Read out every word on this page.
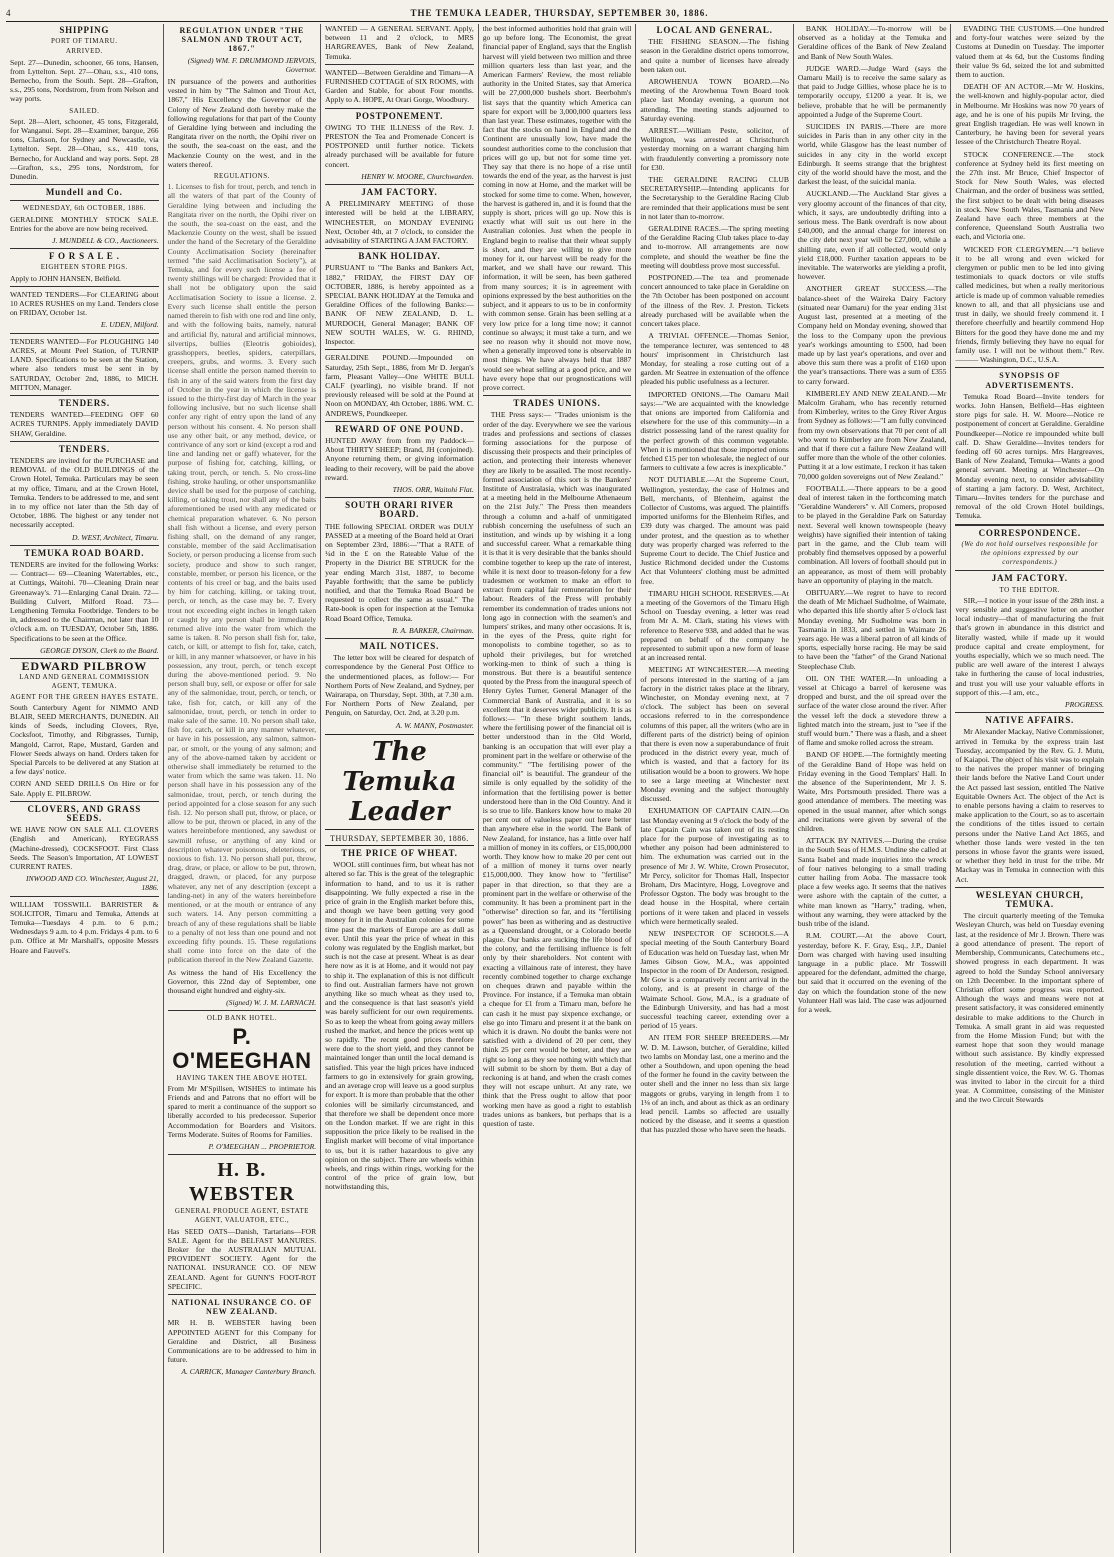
4	THE TEMUKA LEADER, THURSDAY, SEPTEMBER 30, 1886.
SHIPPING
PORT OF TIMARU.
ARRIVED.

Sept. 27—Dunedin, schooner, 66 tons, Hansen, from Lyttelton. Sept. 27—Ohau, s.s., 410 tons, Bernecho, from the South. Sept. 28—Grafton, s.s., 295 tons, Nordstrom, from from Nelson and way ports.

SAILED.

Sept. 28—Alert, schooner, 45 tons, Fitzgerald, for Wanganui. Sept. 28—Examiner, barque, 266 tons, Clarkson, for Sydney and Newcastle, via Lyttelton. Sept. 28—Ohau, s.s., 410 tons, Bernecho, for Auckland and way ports. Sept. 28—Grafton, s.s., 295 tons, Nordstrom, for Dunedin.

Mundell and Co.
WEDNESDAY, 6th OCTOBER, 1886.

GERALDINE MONTHLY STOCK SALE. Entries for the above are now being received.

J. MUNDELL & CO., Auctioneers.
F O R S A L E .
EIGHTEEN STORE PIGS.

Apply to JOHN HANSEN, Belfield.

WANTED TENDERS—For CLEARING about 10 ACRES RUSHES on my Land. Tenders close on FRIDAY, October 1st.

E. UDEN, Milford.

TENDERS WANTED—For PLOUGHING 140 ACRES, at Mount Peel Station, of TURNIP LAND. Specifications to be seen at the Station, where also tenders must be sent in by SATURDAY, October 2nd, 1886, to MICH. MITTON, Manager.

TENDERS.

TENDERS WANTED—FEEDING OFF 60 ACRES TURNIPS. Apply immediately DAVID SHAW, Geraldine.

TENDERS.

TENDERS are invited for the PURCHASE and REMOVAL of the OLD BUILDINGS of the Crown Hotel, Temuka. Particulars may be seen at my office, Timaru, and at the Crown Hotel, Temuka. Tenders to be addressed to me, and sent in to my office not later than the 5th day of October, 1886. The highest or any tender not necessarily accepted.

D. WEST, Architect, Timaru.
TEMUKA ROAD BOARD.

TENDERS are invited for the following Works:— Contract— 69—Cleaning Watertables, etc., at Cuttings, Waitohi. 70—Cleaning Drain near Greenaway's. 71—Enlarging Canal Drain. 72—Building Culvert, Milford Road. 73—Lengthening Temuka Footbridge. Tenders to be in, addressed to the Chairman, not later than 10 o'clock a.m. on TUESDAY, October 5th, 1886. Specifications to be seen at the Office.

GEORGE DYSON, Clerk to the Board.
EDWARD PILBROW
LAND AND GENERAL COMMISSION AGENT, TEMUKA.
AGENT FOR THE GREEN HAYES ESTATE.

South Canterbury Agent for NIMMO AND BLAIR, SEED MERCHANTS, DUNEDIN. All kinds of Seeds, including Clovers, Rye, Cocksfoot, Timothy, and Ribgrasses, Turnip, Mangold, Carrot, Rape, Mustard, Garden and Flower Seeds always on hand. Orders taken for Special Parcels to be delivered at any Station at a few days' notice.

CORN AND SEED DRILLS On Hire or for Sale. Apply E. PILBROW.

CLOVERS, AND GRASS SEEDS.

WE HAVE NOW ON SALE ALL CLOVERS (English and American), RYEGRASS (Machine-dressed), COCKSFOOT. First Class Seeds. The Season's Importation, AT LOWEST CURRENT RATES.

INWOOD AND CO. Winchester, August 21, 1886.

WILLIAM TOSSWILL BARRISTER & SOLICITOR, Timaru and Temuka, Attends at Temuka—Tuesdays 4 p.m. to 6 p.m.; Wednesdays 9 a.m. to 4 p.m. Fridays 4 p.m. to 6 p.m. Office at Mr Marshall's, opposite Messrs Hoare and Fauvel's.

REGULATION UNDER "THE SALMON AND TROUT ACT, 1867."
(Signed) WM. F. DRUMMOND JERVOIS, Governor.

IN pursuance of the powers and authorities vested in him by "The Salmon and Trout Act, 1867," His Excellency the Governor of the Colony of New Zealand doth hereby make the following regulations for that part of the County of Geraldine lying between and including the Rangitata river on the north, the Opihi river on the south, the sea-coast on the east, and the Mackenzie County on the west, and in the waters thereof.

REGULATIONS.

1. Licenses to fish for trout, perch, and tench in all the waters of that part of the County of Geraldine lying between and including the Rangitata river on the north, the Opihi river on the south, the sea-coast on the east, and the Mackenzie County on the west, shall be issued under the hand of the Secretary of the Geraldine County Acclimatisation Society (hereinafter termed "the said Acclimatisation Society"), at Temuka, and for every such license a fee of twenty shillings will be charged: Provided that it shall not be obligatory upon the said Acclimatisation Society to issue a license. 2. Every such license shall entitle the person named therein to fish with one rod and line only, and with the following baits, namely, natural and artificial fly, natural and artificial minnows, silvertips, bullies (Eleotris gobioides), grasshoppers, beetles, spiders, caterpillars, creepers, grubs, and worms. 3. Every such license shall entitle the person named therein to fish in any of the said waters from the first day of October in the year in which the license is issued to the thirty-first day of March in the year following inclusive, but no such license shall confer any right of entry upon the land of any person without his consent. 4. No person shall use any other bait, or any method, device, or contrivance of any sort or kind (except a rod and line and landing net or gaff) whatever, for the purpose of fishing for, catching, killing, or taking trout, perch, or tench. 5. No cross-line fishing, stroke hauling, or other unsportsmanlike device shall be used for the purpose of catching, killing, or taking trout, nor shall any of the baits aforementioned be used with any medicated or chemical preparation whatever. 6. No person shall fish without a license, and every person fishing shall, on the demand of any ranger, constable, member of the said Acclimatisation Society, or person producing a license from such society, produce and show to such ranger, constable, member, or person his licence, or the contents of his creel or bag, and the baits used by him for catching, killing, or taking trout, perch, or tench, as the case may be. 7. Every trout not exceeding eight inches in length taken or caught by any person shall be immediately returned alive into the water from which the same is taken. 8. No person shall fish for, take, catch, or kill, or attempt to fish for, take, catch, or kill, in any manner whatsoever, or have in his possession, any trout, perch, or tench except during the above-mentioned period. 9. No person shall buy, sell, or expose or offer for sale any of the salmonidae, trout, perch, or tench, or take, fish for, catch, or kill any of the salmonidae, trout, perch, or tench in order to make sale of the same. 10. No person shall take, fish for, catch, or kill in any manner whatever, or have in his possession, any salmon, salmon-par, or smolt, or the young of any salmon; and any of the above-named taken by accident or otherwise shall immediately be returned to the water from which the same was taken. 11. No person shall have in his possession any of the salmonidae, trout, perch, or tench during the period appointed for a close season for any such fish. 12. No person shall put, throw, or place, or allow to be put, thrown or placed, in any of the waters hereinbefore mentioned, any sawdust or sawmill refuse, or anything of any kind or description whatever poisonous, deleterious, or noxious to fish. 13. No person shall put, throw, drag, draw, or place, or allow to be put, thrown, dragged, drawn, or placed, for any purpose whatever, any net of any description (except a landing-net) in any of the waters hereinbefore mentioned, or at the mouth or entrance of any such waters. 14. Any person committing a breach of any of these regulations shall be liable to a penalty of not less than one pound and not exceeding fifty pounds. 15. These regulations shall come into force on the date of the publication thereof in the New Zealand Gazette.

As witness the hand of His Excellency the Governor, this 22nd day of September, one thousand eight hundred and eighty-six.

(Signed) W. J. M. LARNACH.
OLD BANK HOTEL.
P. O'MEEGHAN
HAVING TAKEN THE ABOVE HOTEL

From Mr M'Spillsen, WISHES to intimate his Friends and and Patrons that no effort will be spared to merit a continuance of the support so liberally accorded to his predecessor. Superior Accommodation for Boarders and Visitors. Terms Moderate. Suites of Rooms for Families.

P. O'MEEGHAN ... PROPRIETOR.
H. B. WEBSTER
GENERAL PRODUCE AGENT, ESTATE AGENT, VALUATOR, ETC.,

Has SEED OATS—Danish, Tartarians—FOR SALE. Agent for the BELFAST MANURES. Broker for the AUSTRALIAN MUTUAL PROVIDENT SOCIETY. Agent for the NATIONAL INSURANCE CO. OF NEW ZEALAND. Agent for GUNN'S FOOT-ROT SPECIFIC.

NATIONAL INSURANCE CO. OF NEW ZEALAND.

MR H. B. WEBSTER having been APPOINTED AGENT for this Company for Geraldine and District, all Business Communications are to be addressed to him in future.

A. CARRICK, Manager Canterbury Branch.

WANTED — A GENERAL SERVANT. Apply, between 11 and 2 o'clock, to MRS HARGREAVES, Bank of New Zealand, Temuka.

WANTED—Between Geraldine and Timaru—A FURNISHED COTTAGE of SIX ROOMS, with Garden and Stable, for about Four months. Apply to A. HOPE, At Orari Gorge, Woodbury.

POSTPONEMENT.

OWING TO THE ILLNESS of the Rev. J. PRESTON the Tea and Promenade Concert is POSTPONED until further notice. Tickets already purchased will be available for future concert.

HENRY W. MOORE, Churchwarden.
JAM FACTORY.

A PRELIMINARY MEETING of those interested will be held at the LIBRARY, WINCHESTER, on MONDAY EVENING Next, October 4th, at 7 o'clock, to consider the advisability of STARTING A JAM FACTORY.

BANK HOLIDAY.

PURSUANT to "The Banks and Bankers Act, 1882," FRIDAY, the FIRST DAY OF OCTOBER, 1886, is hereby appointed as a SPECIAL BANK HOLIDAY at the Temuka and Geraldine Offices of the following Banks:— BANK OF NEW ZEALAND, D. L. MURDOCH, General Manager; BANK OF NEW SOUTH WALES, W. G. RHIND, Inspector.

GERALDINE POUND.—Impounded on Saturday, 25th Sept., 1886, from Mr D. Jergan's farm, Pleasant Valley—One WHITE BULL CALF (yearling), no visible brand. If not previously released will be sold at the Pound at Noon on MONDAY, 4th October, 1886. WM. C. ANDREWS, Poundkeeper.

REWARD OF ONE POUND.

HUNTED AWAY from from my Paddock—About THIRTY SHEEP; Brand, JH (conjoined). Anyone returning them, or giving information leading to their recovery, will be paid the above reward.

THOS. ORR, Waitohi Flat.
SOUTH ORARI RIVER BOARD.

THE following SPECIAL ORDER was DULY PASSED at a meeting of the Board held at Orari on September 23rd, 1886:—"That a RATE of ¼d in the £ on the Rateable Value of the Property in the District BE STRUCK for the year ending March 31st, 1887, to become Payable forthwith; that the same be publicly notified, and that the Temuka Road Board be requested to collect the same as usual." The Rate-book is open for inspection at the Temuka Road Board Office, Temuka.

R. A. BARKER, Chairman.
MAIL NOTICES.

The letter box will be cleared for despatch of correspondence by the General Post Office to the undermentioned places, as follow:— For Northern Ports of New Zealand, and Sydney, per Wairarapa, on Thursday, Sept. 30th, at 7.30 a.m. For Northern Ports of New Zealand, per Penguin, on Saturday, Oct. 2nd, at 3.20 p.m.

A. W. MANN, Postmaster.
The Temuka Leader
THURSDAY, SEPTEMBER 30, 1886.
THE PRICE OF WHEAT.

WOOL still continues firm, but wheat has not altered so far. This is the great of the telegraphic information to hand, and to us it is rather disappointing. We fully expected a rise in the price of grain in the English market before this, and though we have been getting very good money for it in the Australian colonies for some time past the markets of Europe are as dull as ever. Until this year the price of wheat in this colony was regulated by the English market, but such is not the case at present. Wheat is as dear here now as it is at Home, and it would not pay to ship it. The explanation of this is not difficult to find out. Australian farmers have not grown anything like so much wheat as they used to, and the consequence is that last season's yield was barely sufficient for our own requirements. So as to keep the wheat from going away millers rushed the market, and hence the prices went up so rapidly. The recent good prices therefore were due to the short yield, and they cannot be maintained longer than until the local demand is satisfied. This year the high prices have induced farmers to go in extensively for grain growing, and an average crop will leave us a good surplus for export. It is more than probable that the other colonies will be similarly circumstanced, and that therefore we shall be dependent once more on the London market. If we are right in this supposition the price likely to be realised in the English market will become of vital importance to us, but it is rather hazardous to give any opinion on the subject. There are wheels within wheels, and rings within rings, working for the control of the price of grain low, but notwithstanding this,

the best informed authorities hold that grain will go up before long. The Economist, the great financial paper of England, says that the English harvest will yield between two million and three million quarters less than last year, and the American Farmers' Review, the most reliable authority in the United States, say that America will be 27,000,000 bushels short. Beerbohm's list says that the quantity which America can spare for export will be 3,000,000 quarters less than last year. These estimates, together with the fact that the stocks on hand in England and the Continent are unusually low, have made the soundest authorities come to the conclusion that prices will go up, but not for some time yet. They say that there is no hope of a rise until towards the end of the year, as the harvest is just coming in now at Home, and the market will be stocked for some time to come. When, however, the harvest is gathered in, and it is found that the supply is short, prices will go up. Now this is exactly what will suit us out here in the Australian colonies. Just when the people in England begin to realise that their wheat supply is short, and they are willing to give more money for it, our harvest will be ready for the market, and we shall have our reward. This information, it will be seen, has been gathered from many sources; it is in agreement with opinions expressed by the best authorities on the subject, and it appears to us to be in conformity with common sense. Grain has been selling at a very low price for a long time now; it cannot continue so always; it must take a turn, and we see no reason why it should not move now, when a generally improved tone is observable in most things. We have always held that 1887 would see wheat selling at a good price, and we have every hope that our prognostications will prove correct.

TRADES UNIONS.

THE Press says:— "Trades unionism is the order of the day. Everywhere we see the various trades and professions and sections of classes forming associations for the purpose of discussing their prospects and their principles of action, and protecting their interests whenever they are likely to be assailed. The most recently-formed association of this sort is the Bankers' Institute of Australasia, which was inaugurated at a meeting held in the Melbourne Athenaeum on the 21st July." The Press then meanders through a column and a-half of unmitigated rubbish concerning the usefulness of such an institution, and winds up by wishing it a long and successful career. What a remarkable thing it is that it is very desirable that the banks should combine together to keep up the rate of interest, while it is next door to treason-felony for a few tradesmen or workmen to make an effort to extract from capital fair remuneration for their labour. Readers of the Press will probably remember its condemnation of trades unions not long ago in connection with the seamen's and lumpers' strikes, and many other occasions. It is, in the eyes of the Press, quite right for monopolists to combine together, so as to uphold their privileges, but for wretched working-men to think of such a thing is monstrous. But there is a beautiful sentence quoted by the Press from the inaugural speech of Henry Gyles Turner, General Manager of the Commercial Bank of Australia, and it is so excellent that it deserves wider publicity. It is as follows:— "In these bright southern lands, where the fertilising power of the financial oil is better understood than in the Old World, banking is an occupation that will ever play a prominent part in the welfare or otherwise of the community." "The fertilising power of the financial oil" is beautiful. The grandeur of the simile is only equalled by the solidity of the information that the fertilising power is better understood here than in the Old Country. And it is so true to life. Bankers know how to make 20 per cent out of valueless paper out here better than anywhere else in the world. The Bank of New Zealand, for instance, has a little over half a million of money in its coffers, or £15,000,000 worth. They know how to make 20 per cent out of a million of money it turns over nearly £15,000,000. They know how to "fertilise" paper in that direction, so that they are a prominent part in the welfare or otherwise of the community. It has been a prominent part in the "otherwise" direction so far, and its "fertilising power" has been as withering and as destructive as a Queensland drought, or a Colorado beetle plague. Our banks are sucking the life blood of the colony, and the fertilising influence is felt only by their shareholders. Not content with exacting a villainous rate of interest, they have recently combined together to charge exchange on cheques drawn and payable within the Province. For instance, if a Temuka man obtain a cheque for £1 from a Timaru man, before he can cash it he must pay sixpence exchange, or else go into Timaru and present it at the bank on which it is drawn. No doubt the banks were not satisfied with a dividend of 20 per cent, they think 25 per cent would be better, and they are right so long as they see nothing with which that will submit to be shorn by them. But a day of reckoning is at hand, and when the crash comes they will not escape unhurt. At any rate, we think that the Press ought to allow that poor working men have as good a right to establish trades unions as bankers, but perhaps that is a question of taste.

LOCAL AND GENERAL.

THE FISHING SEASON.—The fishing season in the Geraldine district opens tomorrow, and quite a number of licenses have already been taken out.

AROWHENUA TOWN BOARD.—No meeting of the Arowhenua Town Board took place last Monday evening, a quorum not attending. The meeting stands adjourned to Saturday evening.

ARREST.—William Peste, solicitor, of Wellington, was arrested at Christchurch yesterday morning on a warrant charging him with fraudulently converting a promissory note for £30.

THE GERALDINE RACING CLUB SECRETARYSHIP.—Intending applicants for the Secretaryship to the Geraldine Racing Club are reminded that their applications must be sent in not later than to-morrow.

GERALDINE RACES.—The spring meeting of the Geraldine Racing Club takes place to-day and to-morrow. All arrangements are now complete, and should the weather be fine the meeting will doubtless prove most successful.

POSTPONED.—The tea and promenade concert announced to take place in Geraldine on the 7th October has been postponed on account of the illness of the Rev. J. Preston. Tickets already purchased will be available when the concert takes place.

A TRIVIAL OFFENCE.—Thomas Senior, the temperance lecturer, was sentenced to 48 hours' imprisonment in Christchurch last Monday, for stealing a rose cutting out of a garden. Mr Seatree in extenuation of the offence pleaded his public usefulness as a lecturer.

IMPORTED ONIONS.—The Oamaru Mail says:—"We are acquainted with the knowledge that onions are imported from California and elsewhere for the use of this community—in a district possessing land of the rarest quality for the perfect growth of this common vegetable. When it is mentioned that those imported onions fetched £15 per ton wholesale, the neglect of our farmers to cultivate a few acres is inexplicable."

NOT DUTIABLE.—At the Supreme Court, Wellington, yesterday, the case of Holmes and Bell, merchants, of Blenheim, against the Collector of Customs, was argued. The plaintiffs imported uniforms for the Blenheim Rifles, and £39 duty was charged. The amount was paid under protest, and the question as to whether duty was properly charged was referred to the Supreme Court to decide. The Chief Justice and Justice Richmond decided under the Customs Act that Volunteers' clothing must be admitted free.

TIMARU HIGH SCHOOL RESERVES.—At a meeting of the Governors of the Timaru High School on Tuesday evening, a letter was read from Mr A. M. Clark, stating his views with reference to Reserve 938, and added that he was prepared on behalf of the company he represented to submit upon a new form of lease at an increased rental.

MEETING AT WINCHESTER.—A meeting of persons interested in the starting of a jam factory in the district takes place at the library, Winchester, on Monday evening next, at 7 o'clock. The subject has been on several occasions referred to in the correspondence columns of this paper, all the writers (who are in different parts of the district) being of opinion that there is even now a superabundance of fruit produced in the district every year, much of which is wasted, and that a factory for its utilisation would be a boon to growers. We hope to see a large meeting at Winchester next Monday evening and the subject thoroughly discussed.

EXHUMATION OF CAPTAIN CAIN.—On last Monday evening at 9 o'clock the body of the late Captain Cain was taken out of its resting place for the purpose of investigating as to whether any poison had been administered to him. The exhumation was carried out in the presence of Mr J. W. White, Crown Prosecutor, Mr Percy, solicitor for Thomas Hall, Inspector Broham, Drs Macintyre, Hogg, Lovegrove and Professor Ogston. The body was brought to the dead house in the Hospital, where certain portions of it were taken and placed in vessels which were hermetically sealed.

NEW INSPECTOR OF SCHOOLS.—A special meeting of the South Canterbury Board of Education was held on Tuesday last, when Mr James Gibson Gow, M.A., was appointed Inspector in the room of Dr Anderson, resigned. Mr Gow is a comparatively recent arrival in the colony, and is at present in charge of the Waimate School. Gow, M.A., is a graduate of the Edinburgh University, and has had a most successful teaching career, extending over a period of 15 years.

AN ITEM FOR SHEEP BREEDERS.—Mr W. D. M. Lawson, butcher, of Geraldine, killed two lambs on Monday last, one a merino and the other a Southdown, and upon opening the head of the former he found in the cavity between the outer shell and the inner no less than six large maggots or grubs, varying in length from 1 to 1⅛ of an inch, and about as thick as an ordinary lead pencil. Lambs so affected are usually noticed by the disease, and it seems a question that has puzzled those who have seen the heads.

BANK HOLIDAY.—To-morrow will be observed as a holiday at the Temuka and Geraldine offices of the Bank of New Zealand and Bank of New South Wales.

JUDGE WARD.—Judge Ward (says the Oamaru Mail) is to receive the same salary as that paid to Judge Gillies, whose place he is to temporarily occupy, £1200 a year. It is, we believe, probable that he will be permanently appointed a Judge of the Supreme Court.

SUICIDES IN PARIS.—There are more suicides in Paris than in any other city in the world, while Glasgow has the least number of suicides in any city in the world except Edinburgh. It seems strange that the brightest city of the world should have the most, and the darkest the least, of the suicidal mania.

AUCKLAND.—The Auckland Star gives a very gloomy account of the finances of that city, which, it says, are undoubtedly drifting into a serious mess. The Bank overdraft is now about £40,000, and the annual charge for interest on the city debt next year will be £27,000, while a shilling rate, even if all collected, would only yield £18,000. Further taxation appears to be inevitable. The waterworks are yielding a profit, however.

ANOTHER GREAT SUCCESS.—The balance-sheet of the Waireka Dairy Factory (situated near Oamaru) for the year ending 31st August last, presented at a meeting of the Company held on Monday evening, showed that the loss to the Company upon the previous year's workings amounting to £500, had been made up by last year's operations, and over and above this sum there was a profit of £160 upon the year's transactions. There was a sum of £355 to carry forward.

KIMBERLEY AND NEW ZEALAND.—Mr Malcolm Graham, who has recently returned from Kimberley, writes to the Grey River Argus from Sydney as follows:—"I am fully convinced from my own observations that 70 per cent of all who went to Kimberley are from New Zealand, and that if there cut a failure New Zealand will suffer more than the whole of the other colonies. Putting it at a low estimate, I reckon it has taken 70,000 golden sovereigns out of New Zealand."

FOOTBALL.—There appears to be a good deal of interest taken in the forthcoming match "Geraldine Wanderers" v. All Comers, proposed to be played in the Geraldine Park on Saturday next. Several well known townspeople (heavy weights) have signified their intention of taking part in the game, and the Club team will probably find themselves opposed by a powerful combination. All lovers of football should put in an appearance, as most of them will probably have an opportunity of playing in the match.

OBITUARY.—We regret to have to record the death of Mr Michael Sudholme, of Waimate, who departed this life shortly after 5 o'clock last Monday evening. Mr Sudholme was born in Tasmania in 1833, and settled in Waimate 26 years ago. He was a liberal patron of all kinds of sports, especially horse racing. He may be said to have been the "father" of the Grand National Steeplechase Club.

OIL ON THE WATER.—In unloading a vessel at Chicago a barrel of kerosene was dropped and burst, and the oil spread over the surface of the water close around the river. After the vessel left the dock a stevedore threw a lighted match into the stream, just to "see if the stuff would burn." There was a flash, and a sheet of flame and smoke rolled across the stream.

BAND OF HOPE.—The fortnightly meeting of the Geraldine Band of Hope was held on Friday evening in the Good Templars' Hall. In the absence of the Superintendent, Mr J. S. Waite, Mrs Portsmouth presided. There was a good attendance of members. The meeting was opened in the usual manner, after which songs and recitations were given by several of the children.

ATTACK BY NATIVES.—During the cruise in the South Seas of H.M.S. Undine she called at Santa Isabel and made inquiries into the wreck of four natives belonging to a small trading cutter hailing from Aoba. The massacre took place a few weeks ago. It seems that the natives were ashore with the captain of the cutter, a white man known as "Harry," trading, when, without any warning, they were attacked by the bush tribe of the island.

R.M. COURT.—At the above Court, yesterday, before K. F. Gray, Esq., J.P., Daniel Dorn was charged with having used insulting language in a public place. Mr Tosswill appeared for the defendant, admitted the charge, but said that it occurred on the evening of the day on which the foundation stone of the new Volunteer Hall was laid. The case was adjourned for a week.

EVADING THE CUSTOMS.—One hundred and forty-four watches were seized by the Customs at Dunedin on Tuesday. The importer valued them at 4s 6d, but the Customs finding their value 9s 6d, seized the lot and submitted them to auction.

DEATH OF AN ACTOR.—Mr W. Hoskins, the well-known and highly-popular actor, died in Melbourne. Mr Hoskins was now 70 years of age, and he is one of his pupils Mr Irving, the great English tragedian. He was well known in Canterbury, he having been for several years lessee of the Christchurch Theatre Royal.

STOCK CONFERENCE.—The stock conference at Sydney held its first meeting on the 27th inst. Mr Bruce, Chief Inspector of Stock for New South Wales, was elected Chairman, and the order of business was settled, the first subject to be dealt with being diseases in stock. New South Wales, Tasmania and New Zealand have each three members at the conference, Queensland South Australia two each, and Victoria one.

WICKED FOR CLERGYMEN.—"I believe it to be all wrong and even wicked for clergymen or public men to be led into giving testimonials to quack doctors or vile stuffs called medicines, but when a really meritorious article is made up of common valuable remedies known to all, and that all physicians use and trust in daily, we should freely commend it. I therefore cheerfully and heartily commend Hop Bitters for the good they have done me and my friends, firmly believing they have no equal for family use. I will not be without them." Rev. ——— Washington, D.C., U.S.A.

SYNOPSIS OF ADVERTISEMENTS.

Temuka Road Board—Invite tenders for works. John Hansen, Belfield—Has eighteen store pigs for sale. H. W. Moore—Notice re postponement of concert at Geraldine. Geraldine Poundkeeper—Notice re impounded white bull calf. D. Shaw Geraldine—Invites tenders for feeding off 60 acres turnips. Mrs Hargreaves, Bank of New Zealand, Temuka—Wants a good general servant. Meeting at Winchester—On Monday evening next, to consider advisability of starting a jam factory. D. West, Architect, Timaru—Invites tenders for the purchase and removal of the old Crown Hotel buildings, Temuka.

CORRESPONDENCE.
(We do not hold ourselves responsible for the opinions expressed by our correspondents.)
JAM FACTORY.
TO THE EDITOR.

SIR,—I notice in your issue of the 28th inst. a very sensible and suggestive letter on another local industry—that of manufacturing the fruit that's grown in abundance in this district and literally wasted, while if made up it would produce capital and create employment, for youths especially, which we so much need. The public are well aware of the interest I always take in furthering the cause of local industries, and trust you will use your valuable efforts in support of this.—I am, etc.,

PROGRESS.
NATIVE AFFAIRS.

Mr Alexander Mackay, Native Commissioner, arrived in Temuka by the express train last Tuesday, accompanied by the Rev. G. J. Mutu, of Kaiapoi. The object of his visit was to explain to the natives the proper manner of bringing their lands before the Native Land Court under the Act passed last session, entitled The Native Equitable Owners Act. The object of the Act is to enable persons having a claim to reserves to make application to the Court, so as to ascertain the conditions of the titles issued to certain persons under the Native Land Act 1865, and whether those lands were vested in the ten persons in whose favor the grants were issued, or whether they held in trust for the tribe. Mr Mackay was in Temuka in connection with this Act.

WESLEYAN CHURCH, TEMUKA.

The circuit quarterly meeting of the Temuka Wesleyan Church, was held on Tuesday evening last, at the residence of Mr J. Brown. There was a good attendance of present. The report of Membership, Communicants, Catechumens etc., showed progress in each department. It was agreed to hold the Sunday School anniversary on 12th December. In the important sphere of Christian effort some progress was reported. Although the ways and means were not at present satisfactory, it was considered eminently desirable to make additions to the Church in Temuka. A small grant in aid was requested from the Home Mission Fund; but with the earnest hope that soon they would manage without such assistance. By kindly expressed resolution of the meeting, carried without a single dissentient voice, the Rev. W. G. Thomas was invited to labor in the circuit for a third year. A Committee, consisting of the Minister and the two Circuit Stewards
